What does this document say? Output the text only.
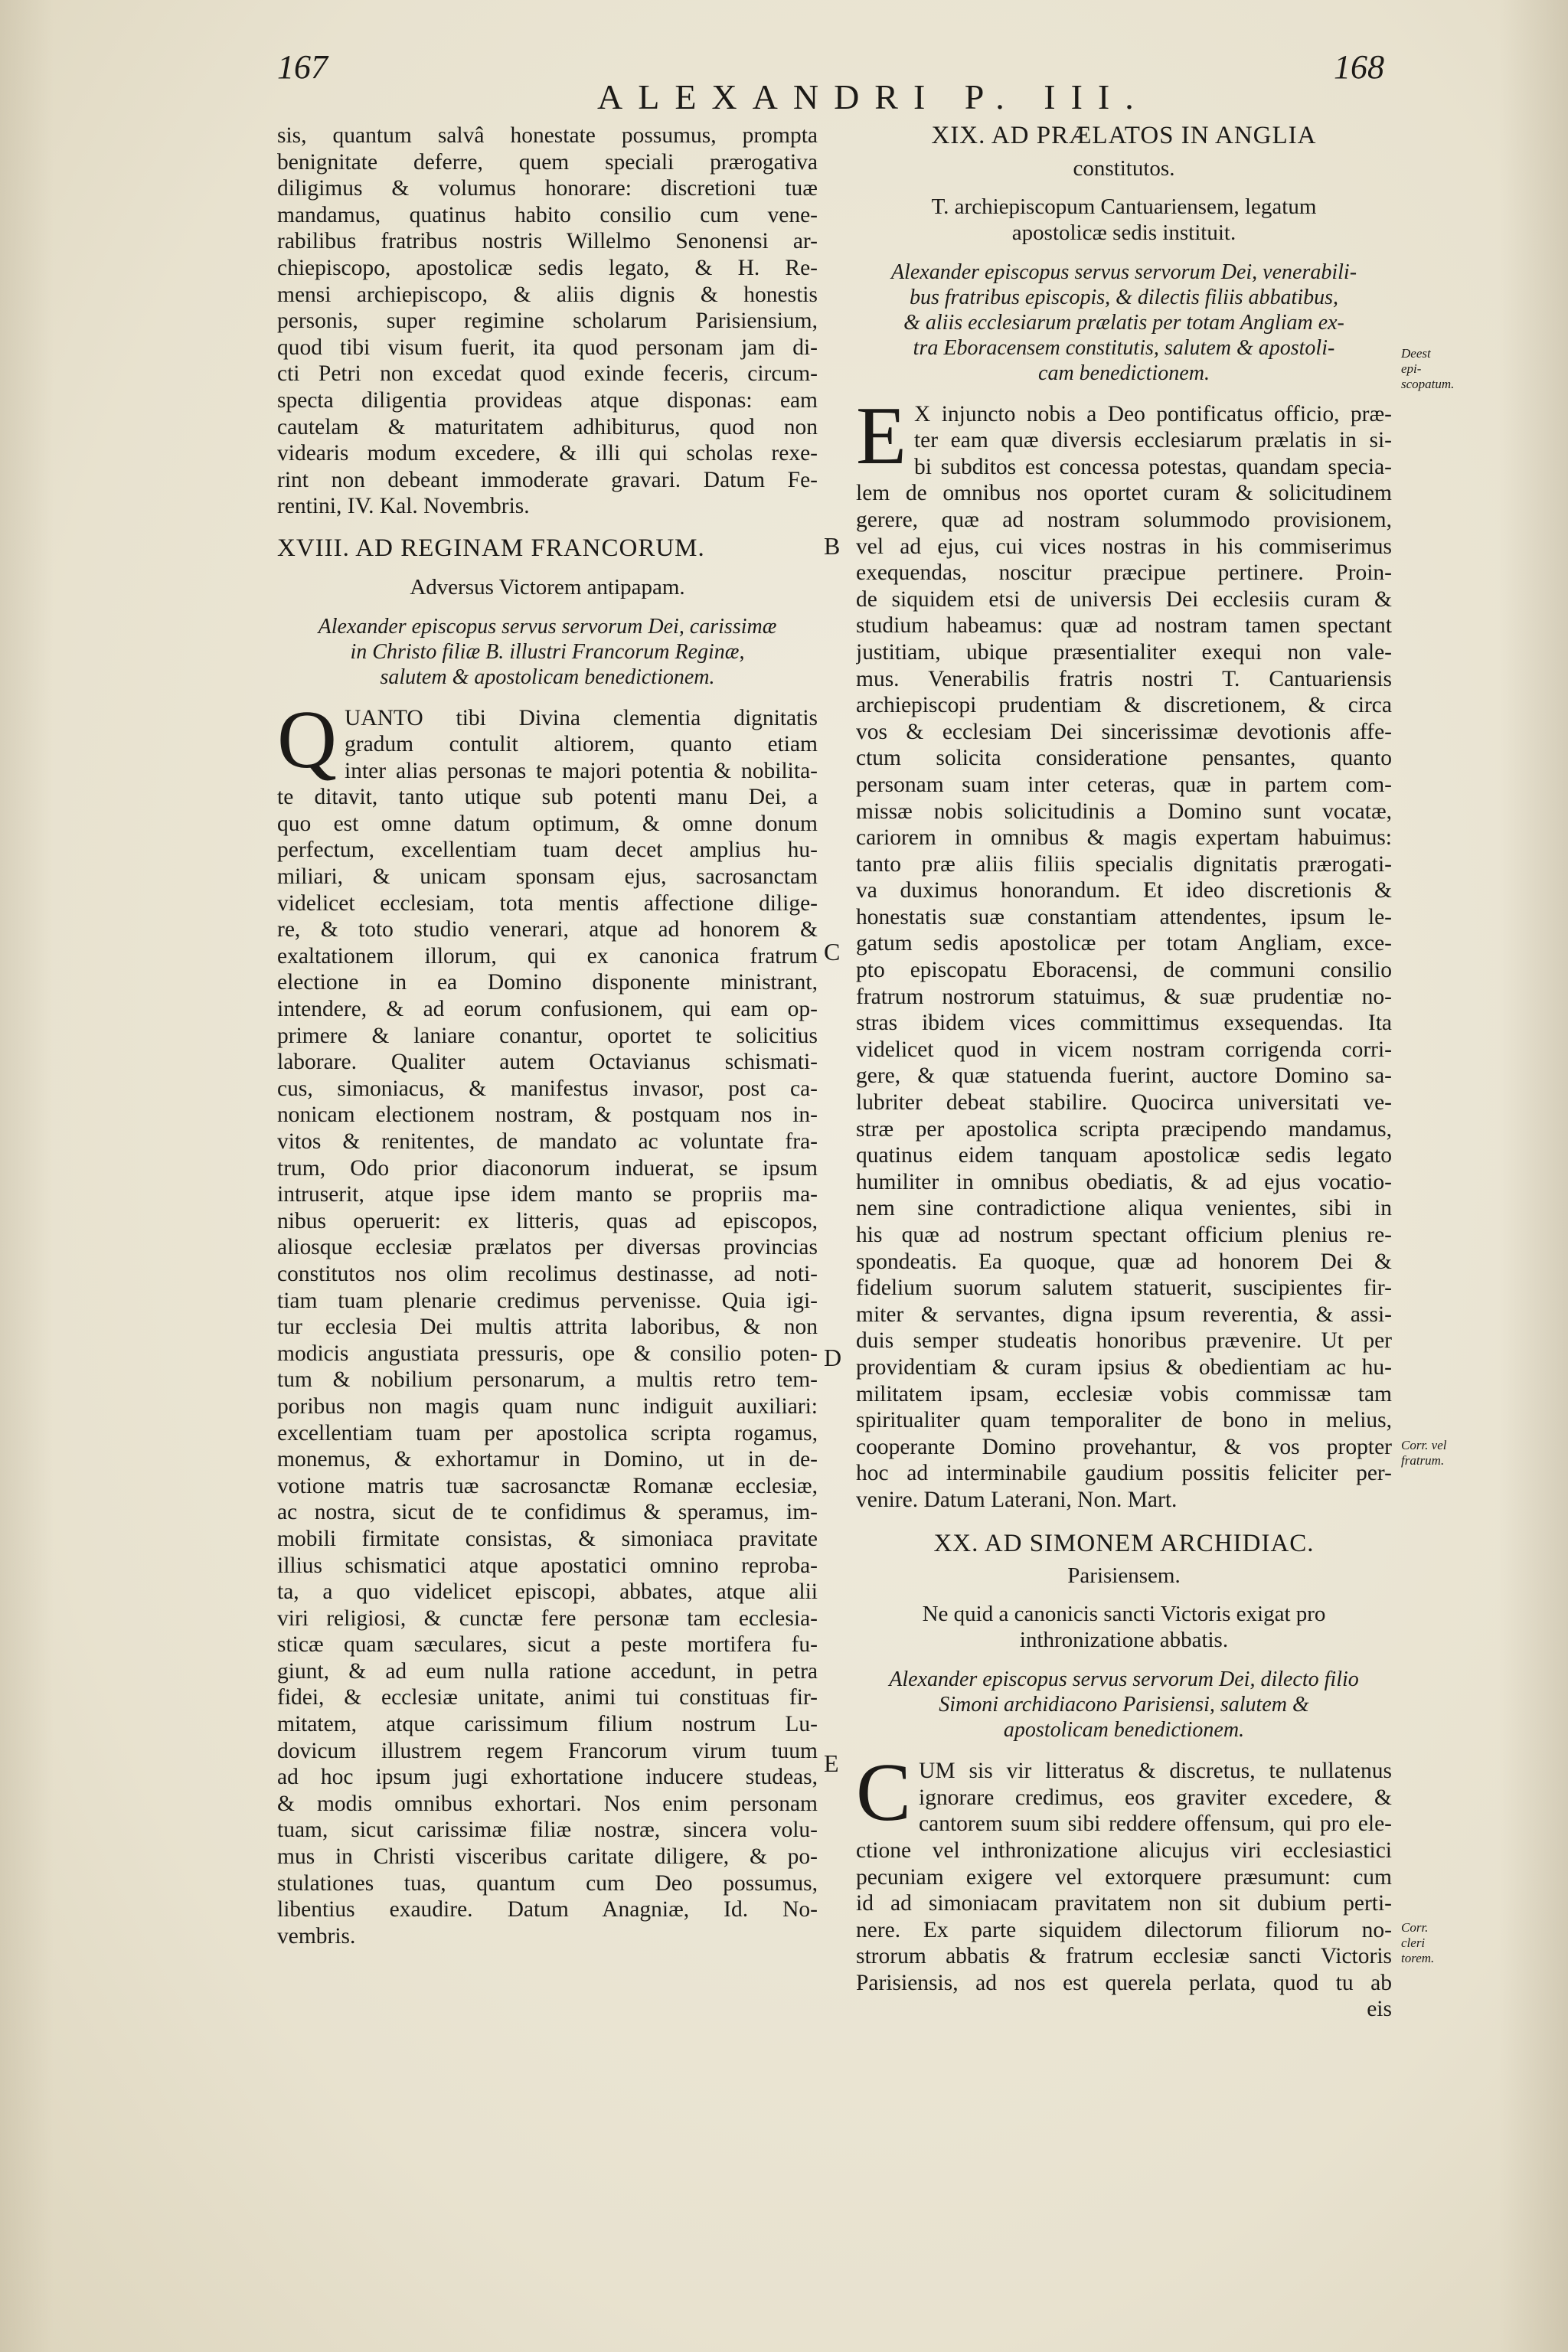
167
ALEXANDRI P. III.
168
sis, quantum salvâ honestate possumus, prompta
benignitate deferre, quem speciali prærogativa
diligimus & volumus honorare: discretioni tuæ
mandamus, quatinus habito consilio cum vene-
rabilibus fratribus nostris Willelmo Senonensi ar-
chiepiscopo, apostolicæ sedis legato, & H. Re-
mensi archiepiscopo, & aliis dignis & honestis
personis, super regimine scholarum Parisiensium,
quod tibi visum fuerit, ita quod personam jam di-
cti Petri non excedat quod exinde feceris, circum-
specta diligentia provideas atque disponas: eam
cautelam & maturitatem adhibiturus, quod non
videaris modum excedere, & illi qui scholas rexe-
rint non debeant immoderate gravari. Datum Fe-
rentini, IV. Kal. Novembris.
XVIII. AD REGINAM FRANCORUM.
Adversus Victorem antipapam.
Alexander episcopus servus servorum Dei, carissimæ
in Christo filiæ B. illustri Francorum Reginæ,
salutem & apostolicam benedictionem.
Q UANTO tibi Divina clementia dignitatis
gradum contulit altiorem, quanto etiam
inter alias personas te majori potentia & nobilita-
te ditavit, tanto utique sub potenti manu Dei, a
quo est omne datum optimum, & omne donum
perfectum, excellentiam tuam decet amplius hu-
miliari, & unicam sponsam ejus, sacrosanctam
videlicet ecclesiam, tota mentis affectione dilige-
re, & toto studio venerari, atque ad honorem &
exaltationem illorum, qui ex canonica fratrum
electione in ea Domino disponente ministrant,
intendere, & ad eorum confusionem, qui eam op-
primere & laniare conantur, oportet te solicitius
laborare. Qualiter autem Octavianus schismati-
cus, simoniacus, & manifestus invasor, post ca-
nonicam electionem nostram, & postquam nos in-
vitos & renitentes, de mandato ac voluntate fra-
trum, Odo prior diaconorum induerat, se ipsum
intruserit, atque ipse idem manto se propriis ma-
nibus operuerit: ex litteris, quas ad episcopos,
aliosque ecclesiæ prælatos per diversas provincias
constitutos nos olim recolimus destinasse, ad noti-
tiam tuam plenarie credimus pervenisse. Quia igi-
tur ecclesia Dei multis attrita laboribus, & non
modicis angustiata pressuris, ope & consilio poten-
tum & nobilium personarum, a multis retro tem-
poribus non magis quam nunc indiguit auxiliari:
excellentiam tuam per apostolica scripta rogamus,
monemus, & exhortamur in Domino, ut in de-
votione matris tuæ sacrosanctæ Romanæ ecclesiæ,
ac nostra, sicut de te confidimus & speramus, im-
mobili firmitate consistas, & simoniaca pravitate
illius schismatici atque apostatici omnino reproba-
ta, a quo videlicet episcopi, abbates, atque alii
viri religiosi, & cunctæ fere personæ tam ecclesia-
sticæ quam sæculares, sicut a peste mortifera fu-
giunt, & ad eum nulla ratione accedunt, in petra
fidei, & ecclesiæ unitate, animi tui constituas fir-
mitatem, atque carissimum filium nostrum Lu-
dovicum illustrem regem Francorum virum tuum
ad hoc ipsum jugi exhortatione inducere studeas,
& modis omnibus exhortari. Nos enim personam
tuam, sicut carissimæ filiæ nostræ, sincera volu-
mus in Christi visceribus caritate diligere, & po-
stulationes tuas, quantum cum Deo possumus,
libentius exaudire. Datum Anagniæ, Id. No-
vembris.
B
C
D
E
XIX. AD PRÆLATOS IN ANGLIA
constitutos.
T. archiepiscopum Cantuariensem, legatum
apostolicæ sedis instituit.
Alexander episcopus servus servorum Dei, venerabili-
bus fratribus episcopis, & dilectis filiis abbatibus,
& aliis ecclesiarum prælatis per totam Angliam ex-
tra Eboracensem constitutis, salutem & apostoli-
cam benedictionem.
E X injuncto nobis a Deo pontificatus officio, præ-
ter eam quæ diversis ecclesiarum prælatis in si-
bi subditos est concessa potestas, quandam specia-
lem de omnibus nos oportet curam & solicitudinem
gerere, quæ ad nostram solummodo provisionem,
vel ad ejus, cui vices nostras in his commiserimus
exequendas, noscitur præcipue pertinere. Proin-
de siquidem etsi de universis Dei ecclesiis curam &
studium habeamus: quæ ad nostram tamen spectant
justitiam, ubique præsentialiter exequi non vale-
mus. Venerabilis fratris nostri T. Cantuariensis
archiepiscopi prudentiam & discretionem, & circa
vos & ecclesiam Dei sincerissimæ devotionis affe-
ctum solicita consideratione pensantes, quanto
personam suam inter ceteras, quæ in partem com-
missæ nobis solicitudinis a Domino sunt vocatæ,
cariorem in omnibus & magis expertam habuimus:
tanto præ aliis filiis specialis dignitatis prærogati-
va duximus honorandum. Et ideo discretionis &
honestatis suæ constantiam attendentes, ipsum le-
gatum sedis apostolicæ per totam Angliam, exce-
pto episcopatu Eboracensi, de communi consilio
fratrum nostrorum statuimus, & suæ prudentiæ no-
stras ibidem vices committimus exsequendas. Ita
videlicet quod in vicem nostram corrigenda corri-
gere, & quæ statuenda fuerint, auctore Domino sa-
lubriter debeat stabilire. Quocirca universitati ve-
stræ per apostolica scripta præcipendo mandamus,
quatinus eidem tanquam apostolicæ sedis legato
humiliter in omnibus obediatis, & ad ejus vocatio-
nem sine contradictione aliqua venientes, sibi in
his quæ ad nostrum spectant officium plenius re-
spondeatis. Ea quoque, quæ ad honorem Dei &
fidelium suorum salutem statuerit, suscipientes fir-
miter & servantes, digna ipsum reverentia, & assi-
duis semper studeatis honoribus prævenire. Ut per
providentiam & curam ipsius & obedientiam ac hu-
militatem ipsam, ecclesiæ vobis commissæ tam
spiritualiter quam temporaliter de bono in melius,
cooperante Domino provehantur, & vos propter
hoc ad interminabile gaudium possitis feliciter per-
venire. Datum Laterani, Non. Mart.
XX. AD SIMONEM ARCHIDIAC.
Parisiensem.
Ne quid a canonicis sancti Victoris exigat pro
inthronizatione abbatis.
Alexander episcopus servus servorum Dei, dilecto filio
Simoni archidiacono Parisiensi, salutem &
apostolicam benedictionem.
C UM sis vir litteratus & discretus, te nullatenus
ignorare credimus, eos graviter excedere, &
cantorem suum sibi reddere offensum, qui pro ele-
ctione vel inthronizatione alicujus viri ecclesiastici
pecuniam exigere vel extorquere præsumunt: cum
id ad simoniacam pravitatem non sit dubium perti-
nere. Ex parte siquidem dilectorum filiorum no-
strorum abbatis & fratrum ecclesiæ sancti Victoris
Parisiensis, ad nos est querela perlata, quod tu ab
eis
Deest epi-scopatum.
Corr. vel fratrum.
Corr. cleri torem.
